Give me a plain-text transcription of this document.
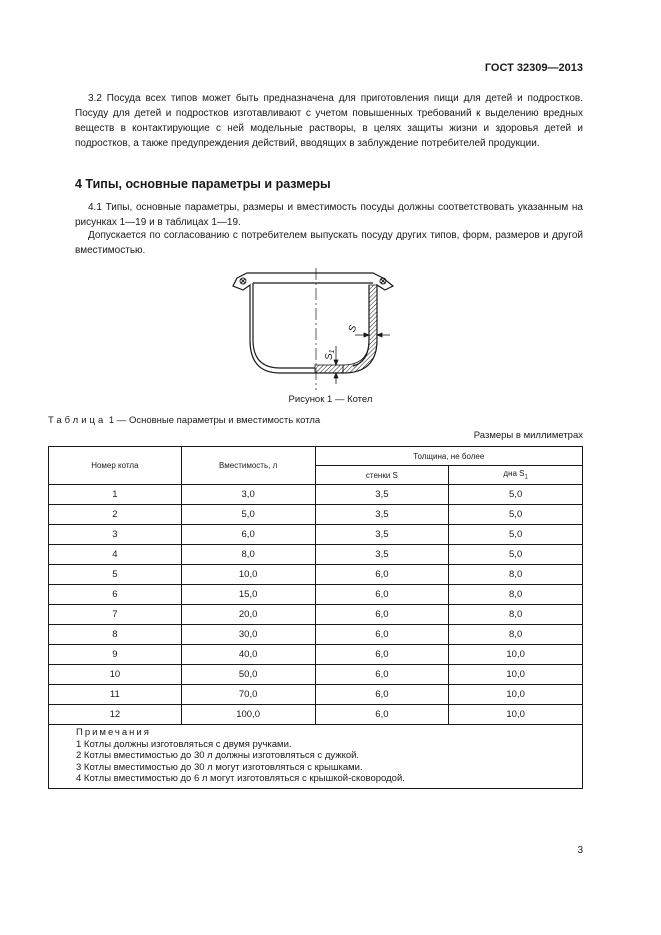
ГОСТ 32309—2013
3.2 Посуда всех типов может быть предназначена для приготовления пищи для детей и подростков. Посуду для детей и подростков изготавливают с учетом повышенных требований к выделению вредных веществ в контактирующие с ней модельные растворы, в целях защиты жизни и здоровья детей и подростков, а также предупреждения действий, вводящих в заблуждение потребителей продукции.
4 Типы, основные параметры и размеры
4.1 Типы, основные параметры, размеры и вместимость посуды должны соответствовать указанным на рисунках 1—19 и в таблицах 1—19.
Допускается по согласованию с потребителем выпускать посуду других типов, форм, размеров и другой вместимостью.
S
$S_1$
Рисунок 1 — Котел
Таблица 1 — Основные параметры и вместимость котла
Размеры в миллиметрах
Номер котла	Вместимость, л	Толщина, не более	
		стенки S	дна $S_1$
1	3,0	3,5	5,0
2	5,0	3,5	5,0
3	6,0	3,5	5,0
4	8,0	3,5	5,0
5	10,0	6,0	8,0
6	15,0	6,0	8,0
7	20,0	6,0	8,0
8	30,0	6,0	8,0
9	40,0	6,0	10,0
10	50,0	6,0	10,0
11	70,0	6,0	10,0
12	100,0	6,0	10,0

Примечания
1 Котлы должны изготовляться с двумя ручками.
2 Котлы вместимостью до 30 л должны изготовляться с дужкой.
3 Котлы вместимостью до 30 л могут изготовляться с крышками.
4 Котлы вместимостью до 6 л могут изготовляться с крышкой-сковородой.			
3
